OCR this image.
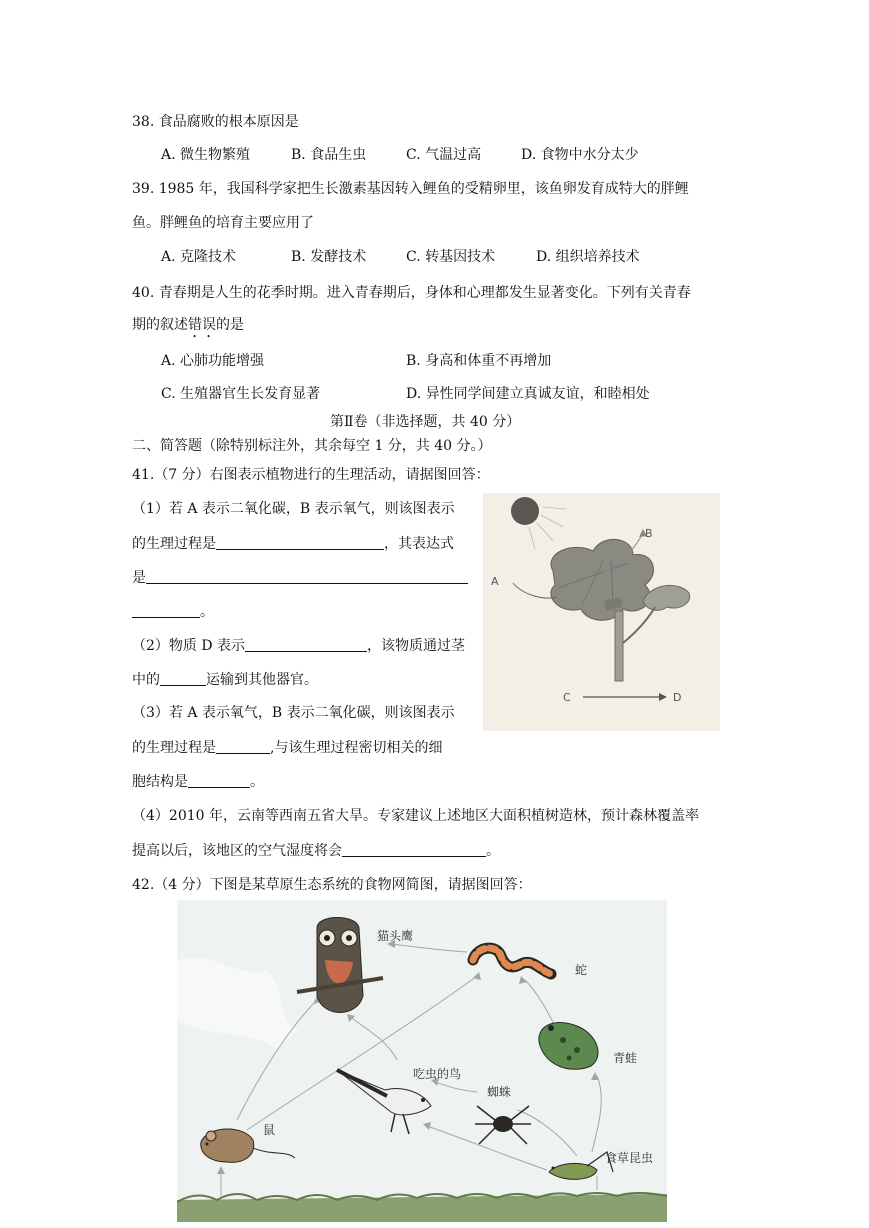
38. 食品腐败的根本原因是
A. 微生物繁殖	B. 食品生虫	C. 气温过高	D. 食物中水分太少
39. 1985 年，我国科学家把生长激素基因转入鲤鱼的受精卵里，该鱼卵发育成特大的胖鲤
鱼。胖鲤鱼的培育主要应用了
A. 克隆技术	B. 发酵技术	C. 转基因技术	D. 组织培养技术
40. 青春期是人生的花季时期。进入青春期后，身体和心理都发生显著变化。下列有关青春
期的叙述错误的是
A. 心肺功能增强	B. 身高和体重不再增加
C. 生殖器官生长发育显著	D. 异性同学间建立真诚友谊，和睦相处
第Ⅱ卷（非选择题，共 40 分）
二、简答题（除特别标注外，其余每空 1 分，共 40 分。）
41.（7 分）右图表示植物进行的生理活动，请据图回答：
（1）若 A 表示二氧化碳，B 表示氧气，则该图表示
的生理过程是	，其表达式
是
。
（2）物质 D 表示	，该物质通过茎
中的	运输到其他器官。
（3）若 A 表示氧气，B 表示二氧化碳，则该图表示
的生理过程是	,与该生理过程密切相关的细
胞结构是	。
（4）2010 年，云南等西南五省大旱。专家建议上述地区大面积植树造林，预计森林覆盖率
提高以后，该地区的空气湿度将会	。
A
B
C	D
42.（4 分）下图是某草原生态系统的食物网简图，请据图回答：
猫头鹰
蛇
青蛙
吃虫的鸟
蜘蛛
鼠
食草昆虫
